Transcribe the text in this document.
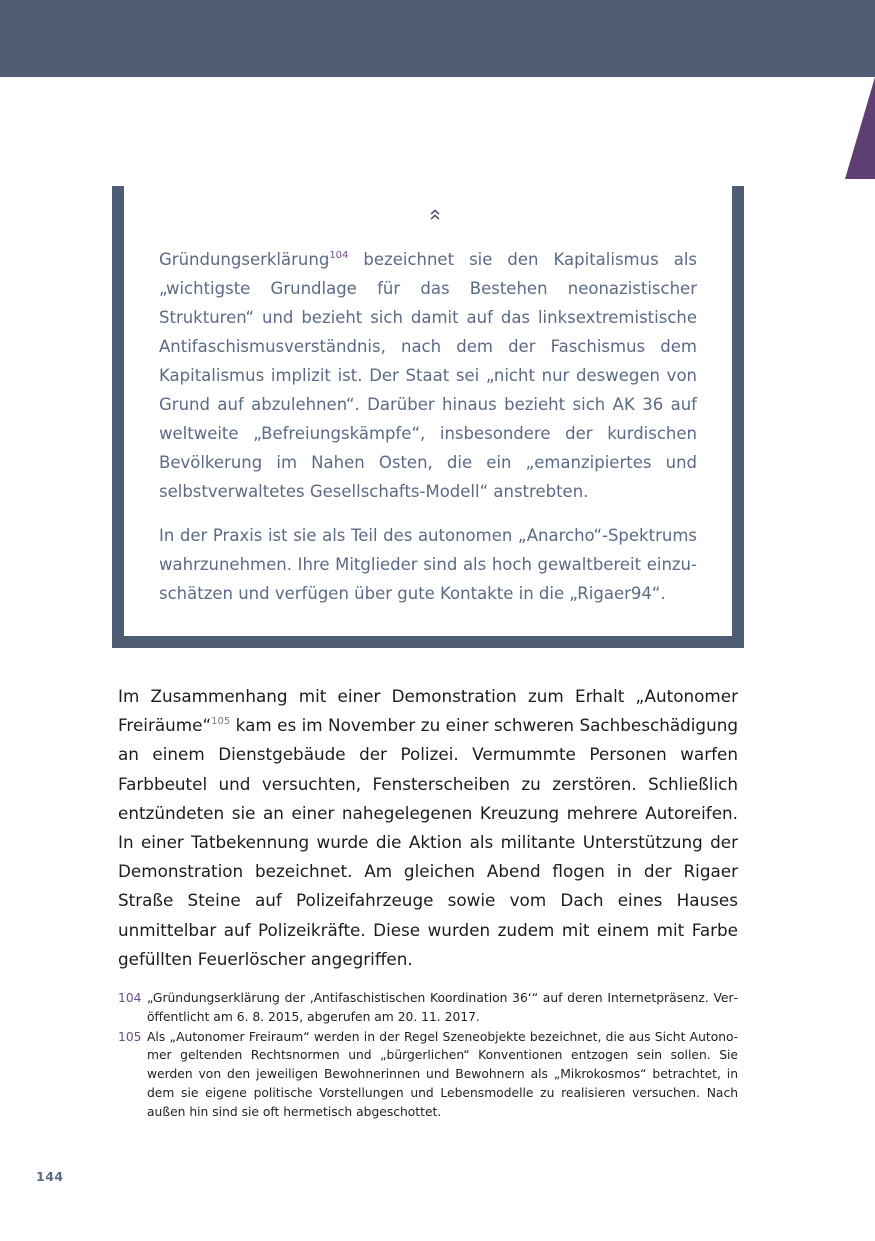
Gründungserklärung$^{104}$ bezeichnet sie den Kapitalismus als „wichtigste Grundlage für das Bestehen neonazistischer Strukturen“ und bezieht sich damit auf das linksextremistische Antifaschismusverständnis, nach dem der Faschismus dem Kapitalismus implizit ist. Der Staat sei „nicht nur deswegen von Grund auf abzulehnen“. Darüber hinaus bezieht sich AK 36 auf weltweite „Befreiungskämpfe“, insbesondere der kurdischen Bevölkerung im Nahen Osten, die ein „emanzipiertes und selbstverwaltetes Gesellschafts-Modell“ anstrebten.

In der Praxis ist sie als Teil des autonomen „Anarcho“-Spektrums wahrzunehmen. Ihre Mitglieder sind als hoch gewaltbereit einzuschätzen und verfügen über gute Kontakte in die „Rigaer94“.

Im Zusammenhang mit einer Demonstration zum Erhalt „Autonomer Freiräume“$^{105}$ kam es im November zu einer schweren Sachbeschädigung an einem Dienstgebäude der Polizei. Vermummte Personen warfen Farbbeutel und versuchten, Fensterscheiben zu zerstören. Schließlich entzündeten sie an einer nahegelegenen Kreuzung mehrere Autoreifen. In einer Tatbekennung wurde die Aktion als militante Unterstützung der Demonstration bezeichnet. Am gleichen Abend flogen in der Rigaer Straße Steine auf Polizeifahrzeuge sowie vom Dach eines Hauses unmittelbar auf Polizeikräfte. Diese wurden zudem mit einem mit Farbe gefüllten Feuerlöscher angegriffen.

104 „Gründungserklärung der ‚Antifaschistischen Koordination 36‘“ auf deren Internetpräsenz. Veröffentlicht am 6. 8. 2015, abgerufen am 20. 11. 2017.
105 Als „Autonomer Freiraum“ werden in der Regel Szeneobjekte bezeichnet, die aus Sicht Autonomer geltenden Rechtsnormen und „bürgerlichen“ Konventionen entzogen sein sollen. Sie werden von den jeweiligen Bewohnerinnen und Bewohnern als „Mikrokosmos“ betrachtet, in dem sie eigene politische Vorstellungen und Lebensmodelle zu realisieren versuchen. Nach außen hin sind sie oft hermetisch abgeschottet.
144
